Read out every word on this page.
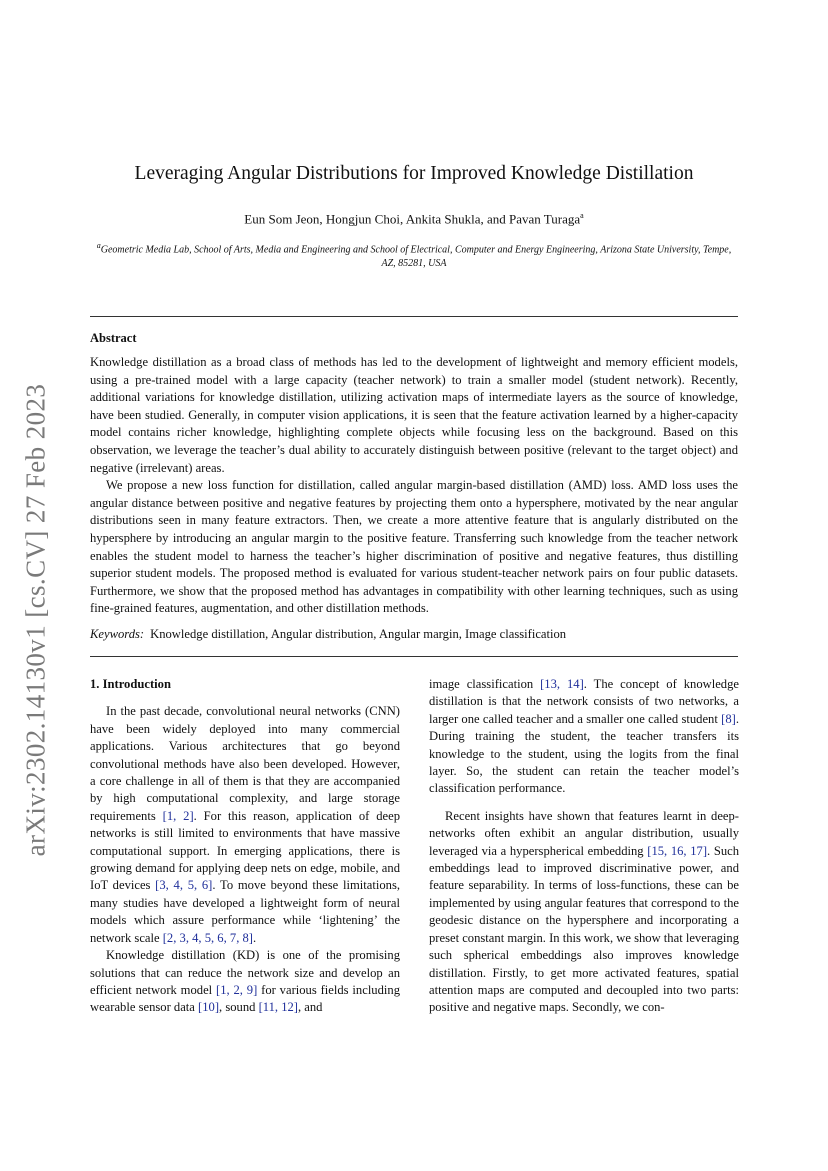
arXiv:2302.14130v1 [cs.CV] 27 Feb 2023
Leveraging Angular Distributions for Improved Knowledge Distillation
Eun Som Jeon, Hongjun Choi, Ankita Shukla, and Pavan Turaga$^a$
$^a$Geometric Media Lab, School of Arts, Media and Engineering and School of Electrical, Computer and Energy Engineering, Arizona State University, Tempe, AZ, 85281, USA
Abstract

Knowledge distillation as a broad class of methods has led to the development of lightweight and memory efficient models, using a pre-trained model with a large capacity (teacher network) to train a smaller model (student network). Recently, additional variations for knowledge distillation, utilizing activation maps of intermediate layers as the source of knowledge, have been studied. Generally, in computer vision applications, it is seen that the feature activation learned by a higher-capacity model contains richer knowledge, highlighting complete objects while focusing less on the background. Based on this observation, we leverage the teacher’s dual ability to accurately distinguish between positive (relevant to the target object) and negative (irrelevant) areas.

We propose a new loss function for distillation, called angular margin-based distillation (AMD) loss. AMD loss uses the angular distance between positive and negative features by projecting them onto a hypersphere, motivated by the near angular distributions seen in many feature extractors. Then, we create a more attentive feature that is angularly distributed on the hypersphere by introducing an angular margin to the positive feature. Transferring such knowledge from the teacher network enables the student model to harness the teacher’s higher discrimination of positive and negative features, thus distilling superior student models. The proposed method is evaluated for various student-teacher network pairs on four public datasets. Furthermore, we show that the proposed method has advantages in compatibility with other learning techniques, such as using fine-grained features, augmentation, and other distillation methods.

Keywords: Knowledge distillation, Angular distribution, Angular margin, Image classification
1. Introduction

In the past decade, convolutional neural networks (CNN) have been widely deployed into many commercial applications. Various architectures that go beyond convolutional methods have also been developed. However, a core challenge in all of them is that they are accompanied by high computational complexity, and large storage requirements [1, 2]. For this reason, application of deep networks is still limited to environments that have massive computational support. In emerging applications, there is growing demand for applying deep nets on edge, mobile, and IoT devices [3, 4, 5, 6]. To move beyond these limitations, many studies have developed a lightweight form of neural models which assure performance while ‘lightening’ the network scale [2, 3, 4, 5, 6, 7, 8].

Knowledge distillation (KD) is one of the promising solutions that can reduce the network size and develop an efficient network model [1, 2, 9] for various fields including wearable sensor data [10], sound [11, 12], and

image classification [13, 14]. The concept of knowledge distillation is that the network consists of two networks, a larger one called teacher and a smaller one called student [8]. During training the student, the teacher transfers its knowledge to the student, using the logits from the final layer. So, the student can retain the teacher model’s classification performance.

Recent insights have shown that features learnt in deep-networks often exhibit an angular distribution, usually leveraged via a hyperspherical embedding [15, 16, 17]. Such embeddings lead to improved discriminative power, and feature separability. In terms of loss-functions, these can be implemented by using angular features that correspond to the geodesic distance on the hypersphere and incorporating a preset constant margin. In this work, we show that leveraging such spherical embeddings also improves knowledge distillation. Firstly, to get more activated features, spatial attention maps are computed and decoupled into two parts: positive and negative maps. Secondly, we con-
